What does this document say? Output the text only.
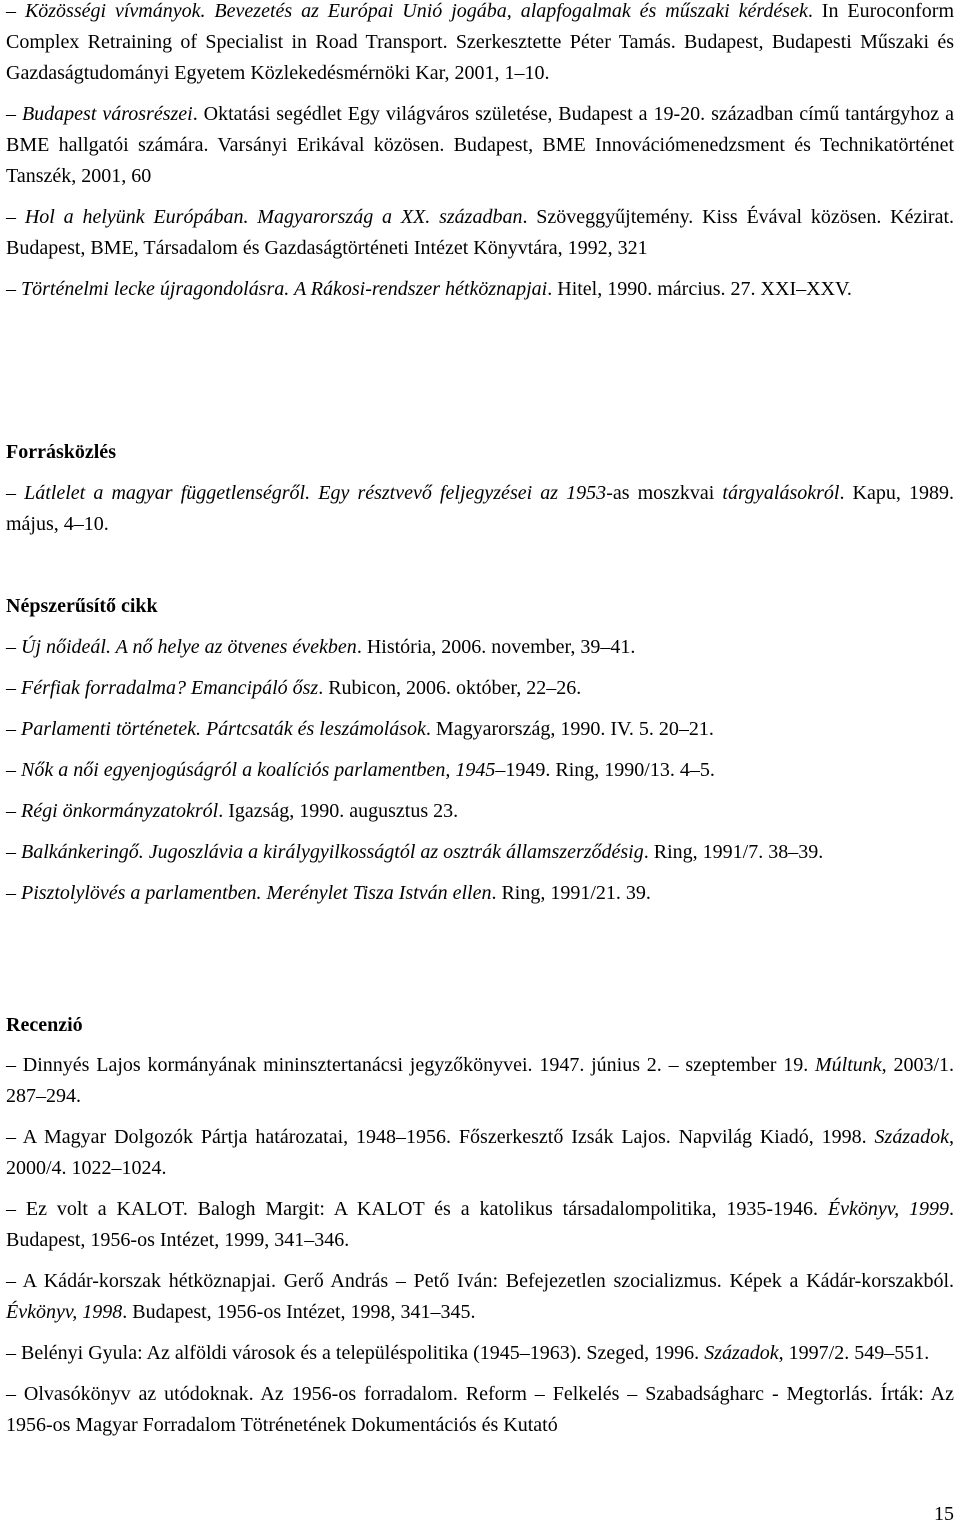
– Közösségi vívmányok. Bevezetés az Európai Unió jogába, alapfogalmak és műszaki kérdések. In Euroconform Complex Retraining of Specialist in Road Transport. Szerkesztette Péter Tamás. Budapest, Budapesti Műszaki és Gazdaságtudományi Egyetem Közlekedésmérnöki Kar, 2001, 1–10.

– Budapest városrészei. Oktatási segédlet Egy világváros születése, Budapest a 19-20. században című tantárgyhoz a BME hallgatói számára. Varsányi Erikával közösen. Budapest, BME Innovációmenedzsment és Technikatörténet Tanszék, 2001, 60

– Hol a helyünk Európában. Magyarország a XX. században. Szöveggyűjtemény. Kiss Évával közösen. Kézirat. Budapest, BME, Társadalom és Gazdaságtörténeti Intézet Könyvtára, 1992, 321

– Történelmi lecke újragondolásra. A Rákosi-rendszer hétköznapjai. Hitel, 1990. március. 27. XXI–XXV.

Forrásközlés

– Látlelet a magyar függetlenségről. Egy résztvevő feljegyzései az 1953-as moszkvai tárgyalásokról. Kapu, 1989. május, 4–10.

Népszerűsítő cikk

– Új nőideál. A nő helye az ötvenes években. História, 2006. november, 39–41.

– Férfiak forradalma? Emancipáló ősz. Rubicon, 2006. október, 22–26.

– Parlamenti történetek. Pártcsaták és leszámolások. Magyarország, 1990. IV. 5. 20–21.

– Nők a női egyenjogúságról a koalíciós parlamentben, 1945–1949. Ring, 1990/13. 4–5.

– Régi önkormányzatokról. Igazság, 1990. augusztus 23.

– Balkánkeringő. Jugoszlávia a királygyilkosságtól az osztrák államszerződésig. Ring, 1991/7. 38–39.

– Pisztolylövés a parlamentben. Merénylet Tisza István ellen. Ring, 1991/21. 39.

Recenzió

– Dinnyés Lajos kormányának mininsztertanácsi jegyzőkönyvei. 1947. június 2. – szeptember 19. Múltunk, 2003/1. 287–294.

– A Magyar Dolgozók Pártja határozatai, 1948–1956. Főszerkesztő Izsák Lajos. Napvilág Kiadó, 1998. Századok, 2000/4. 1022–1024.

– Ez volt a KALOT. Balogh Margit: A KALOT és a katolikus társadalompolitika, 1935-1946. Évkönyv, 1999. Budapest, 1956-os Intézet, 1999, 341–346.

– A Kádár-korszak hétköznapjai. Gerő András – Pető Iván: Befejezetlen szocializmus. Képek a Kádár-korszakból. Évkönyv, 1998. Budapest, 1956-os Intézet, 1998, 341–345.

– Belényi Gyula: Az alföldi városok és a településpolitika (1945–1963). Szeged, 1996. Századok, 1997/2. 549–551.

– Olvasókönyv az utódoknak. Az 1956-os forradalom. Reform – Felkelés – Szabadságharc - Megtorlás. Írták: Az 1956-os Magyar Forradalom Tötrénetének Dokumentációs és Kutató

15
